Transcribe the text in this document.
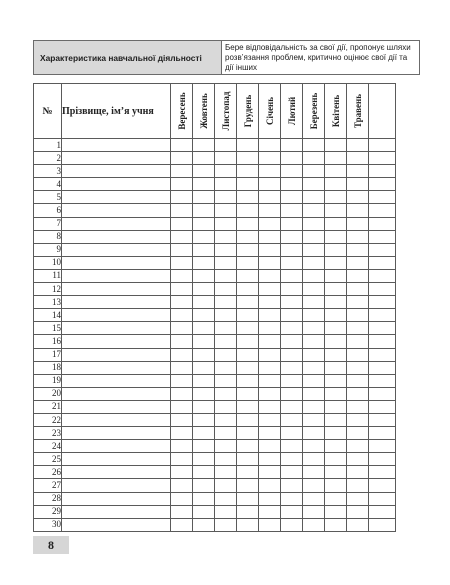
Характеристика навчальної діяльності
Бере відповідальність за свої дії, пропонує шляхи розв’язання проблем, критично оцінює свої дії та дії інших
№	Прізвище, ім’я учня	Вересень	Жовтень	Листопад	Грудень	Січень	Лютий	Березень	Квітень	Травень	

1											
2											
3											
4											
5											
6											
7											
8											
9											
10											
11											
12											
13											
14											
15											
16											
17											
18											
19											
20											
21											
22											
23											
24											
25											
26											
27											
28											
29											
30											
8
